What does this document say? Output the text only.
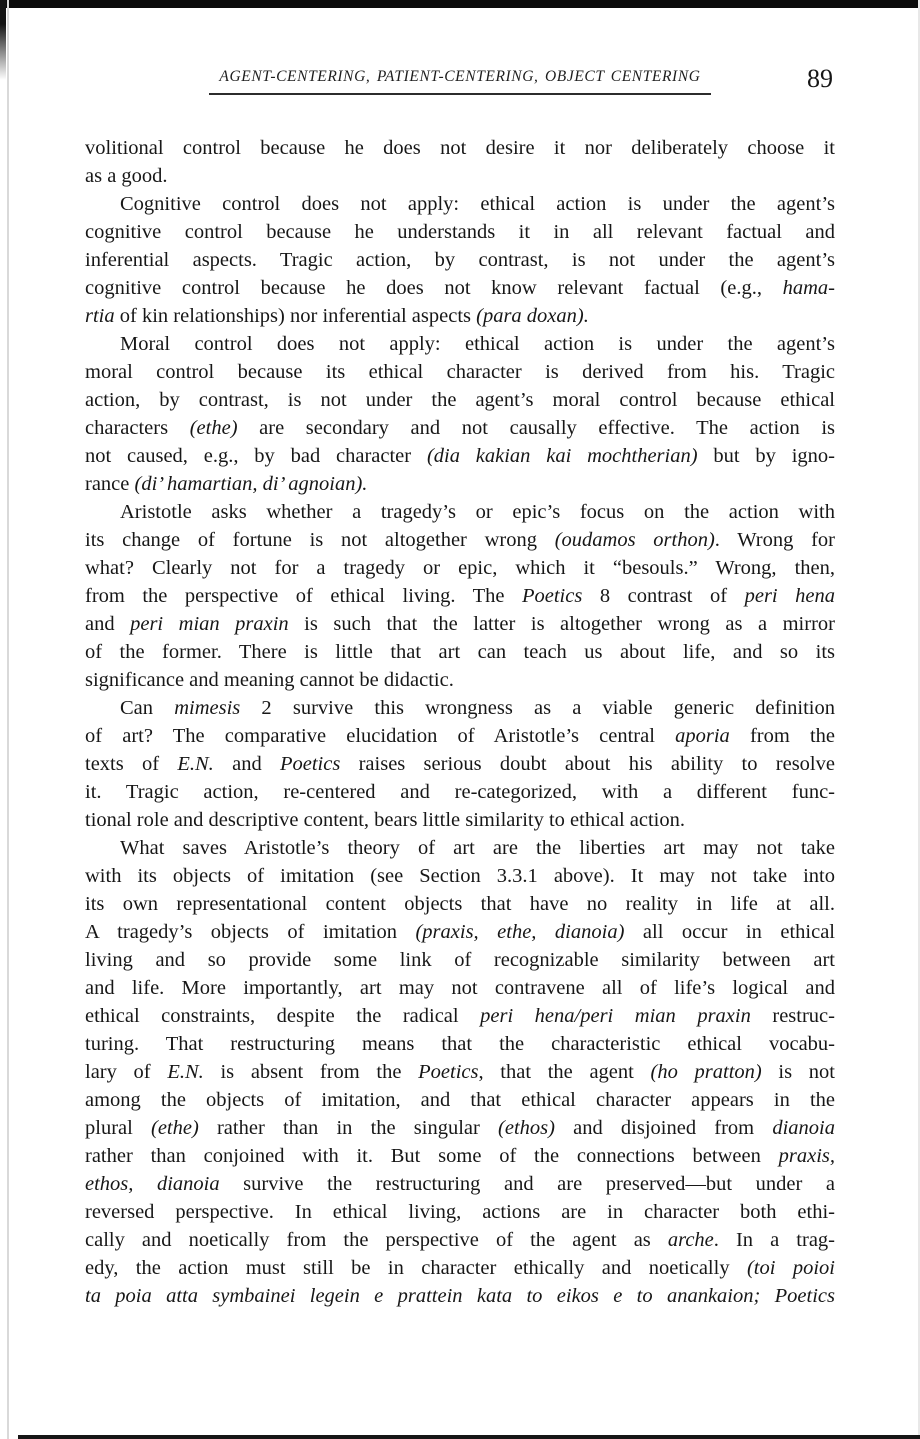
AGENT-CENTERING, PATIENT-CENTERING, OBJECT CENTERING	89
volitional control because he does not desire it nor deliberately choose it
as a good.
Cognitive control does not apply: ethical action is under the agent’s
cognitive control because he understands it in all relevant factual and
inferential aspects. Tragic action, by contrast, is not under the agent’s
cognitive control because he does not know relevant factual (e.g., hama-
rtia of kin relationships) nor inferential aspects (para doxan).
Moral control does not apply: ethical action is under the agent’s
moral control because its ethical character is derived from his. Tragic
action, by contrast, is not under the agent’s moral control because ethical
characters (ethe) are secondary and not causally effective. The action is
not caused, e.g., by bad character (dia kakian kai mochtherian) but by igno-
rance (di’ hamartian, di’ agnoian).
Aristotle asks whether a tragedy’s or epic’s focus on the action with
its change of fortune is not altogether wrong (oudamos orthon). Wrong for
what? Clearly not for a tragedy or epic, which it “besouls.” Wrong, then,
from the perspective of ethical living. The Poetics 8 contrast of peri hena
and peri mian praxin is such that the latter is altogether wrong as a mirror
of the former. There is little that art can teach us about life, and so its
significance and meaning cannot be didactic.
Can mimesis 2 survive this wrongness as a viable generic definition
of art? The comparative elucidation of Aristotle’s central aporia from the
texts of E.N. and Poetics raises serious doubt about his ability to resolve
it. Tragic action, re-centered and re-categorized, with a different func-
tional role and descriptive content, bears little similarity to ethical action.
What saves Aristotle’s theory of art are the liberties art may not take
with its objects of imitation (see Section 3.3.1 above). It may not take into
its own representational content objects that have no reality in life at all.
A tragedy’s objects of imitation (praxis, ethe, dianoia) all occur in ethical
living and so provide some link of recognizable similarity between art
and life. More importantly, art may not contravene all of life’s logical and
ethical constraints, despite the radical peri hena/peri mian praxin restruc-
turing. That restructuring means that the characteristic ethical vocabu-
lary of E.N. is absent from the Poetics, that the agent (ho pratton) is not
among the objects of imitation, and that ethical character appears in the
plural (ethe) rather than in the singular (ethos) and disjoined from dianoia
rather than conjoined with it. But some of the connections between praxis,
ethos, dianoia survive the restructuring and are preserved—but under a
reversed perspective. In ethical living, actions are in character both ethi-
cally and noetically from the perspective of the agent as arche. In a trag-
edy, the action must still be in character ethically and noetically (toi poioi
ta poia atta symbainei legein e prattein kata to eikos e to anankaion; Poetics
